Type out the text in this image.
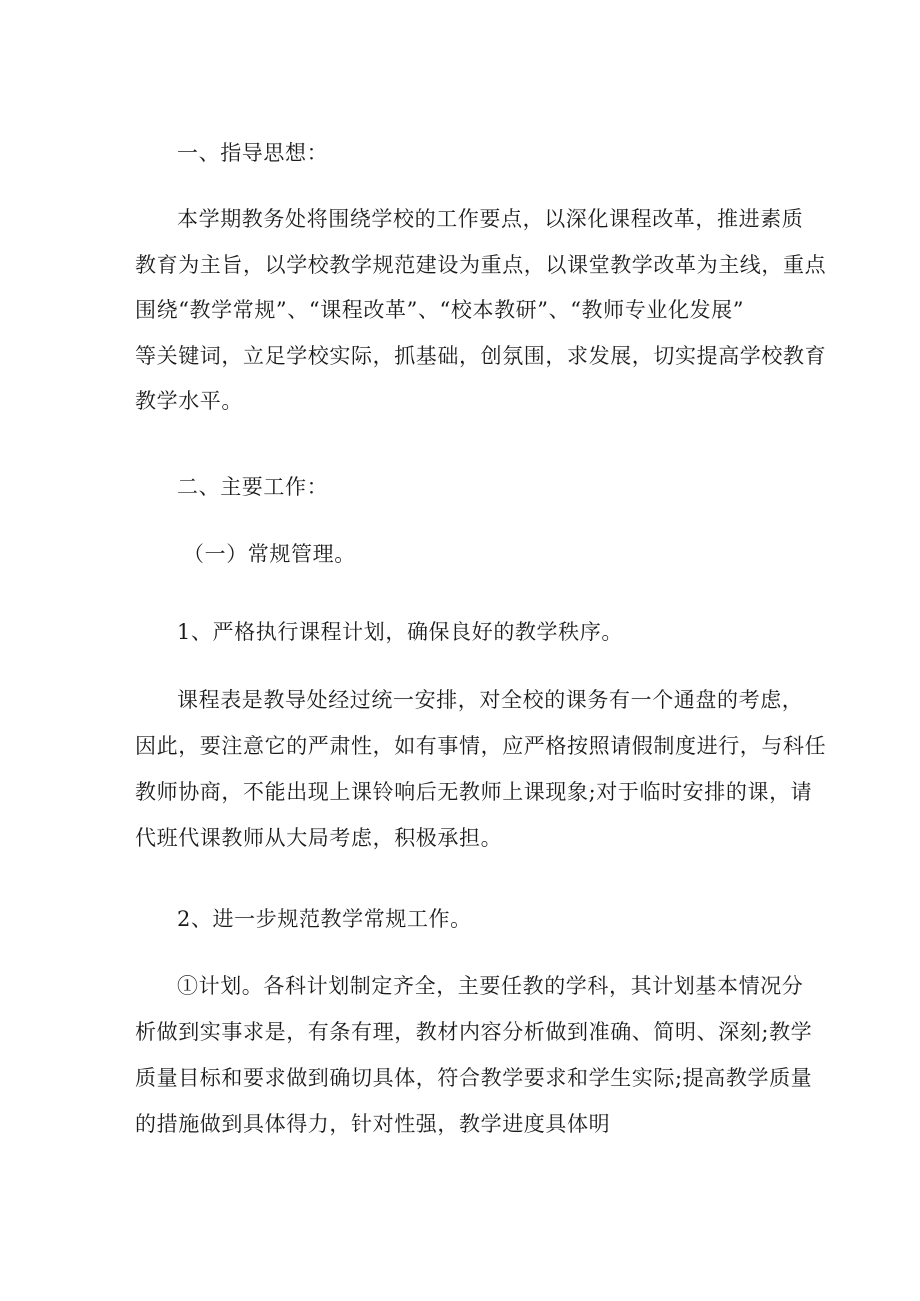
一、指导思想：
本学期教务处将围绕学校的工作要点，以深化课程改革，推进素质
教育为主旨，以学校教学规范建设为重点，以课堂教学改革为主线，重点
围绕“教学常规”、“课程改革”、“校本教研”、“教师专业化发展”
等关键词，立足学校实际，抓基础，创氛围，求发展，切实提高学校教育
教学水平。
二、主要工作：
（一）常规管理。
1、严格执行课程计划，确保良好的教学秩序。
课程表是教导处经过统一安排，对全校的课务有一个通盘的考虑，
因此，要注意它的严肃性，如有事情，应严格按照请假制度进行，与科任
教师协商，不能出现上课铃响后无教师上课现象;对于临时安排的课，请
代班代课教师从大局考虑，积极承担。
2、进一步规范教学常规工作。
①计划。各科计划制定齐全，主要任教的学科，其计划基本情况分
析做到实事求是，有条有理，教材内容分析做到准确、简明、深刻;教学
质量目标和要求做到确切具体，符合教学要求和学生实际;提高教学质量
的措施做到具体得力，针对性强，教学进度具体明
